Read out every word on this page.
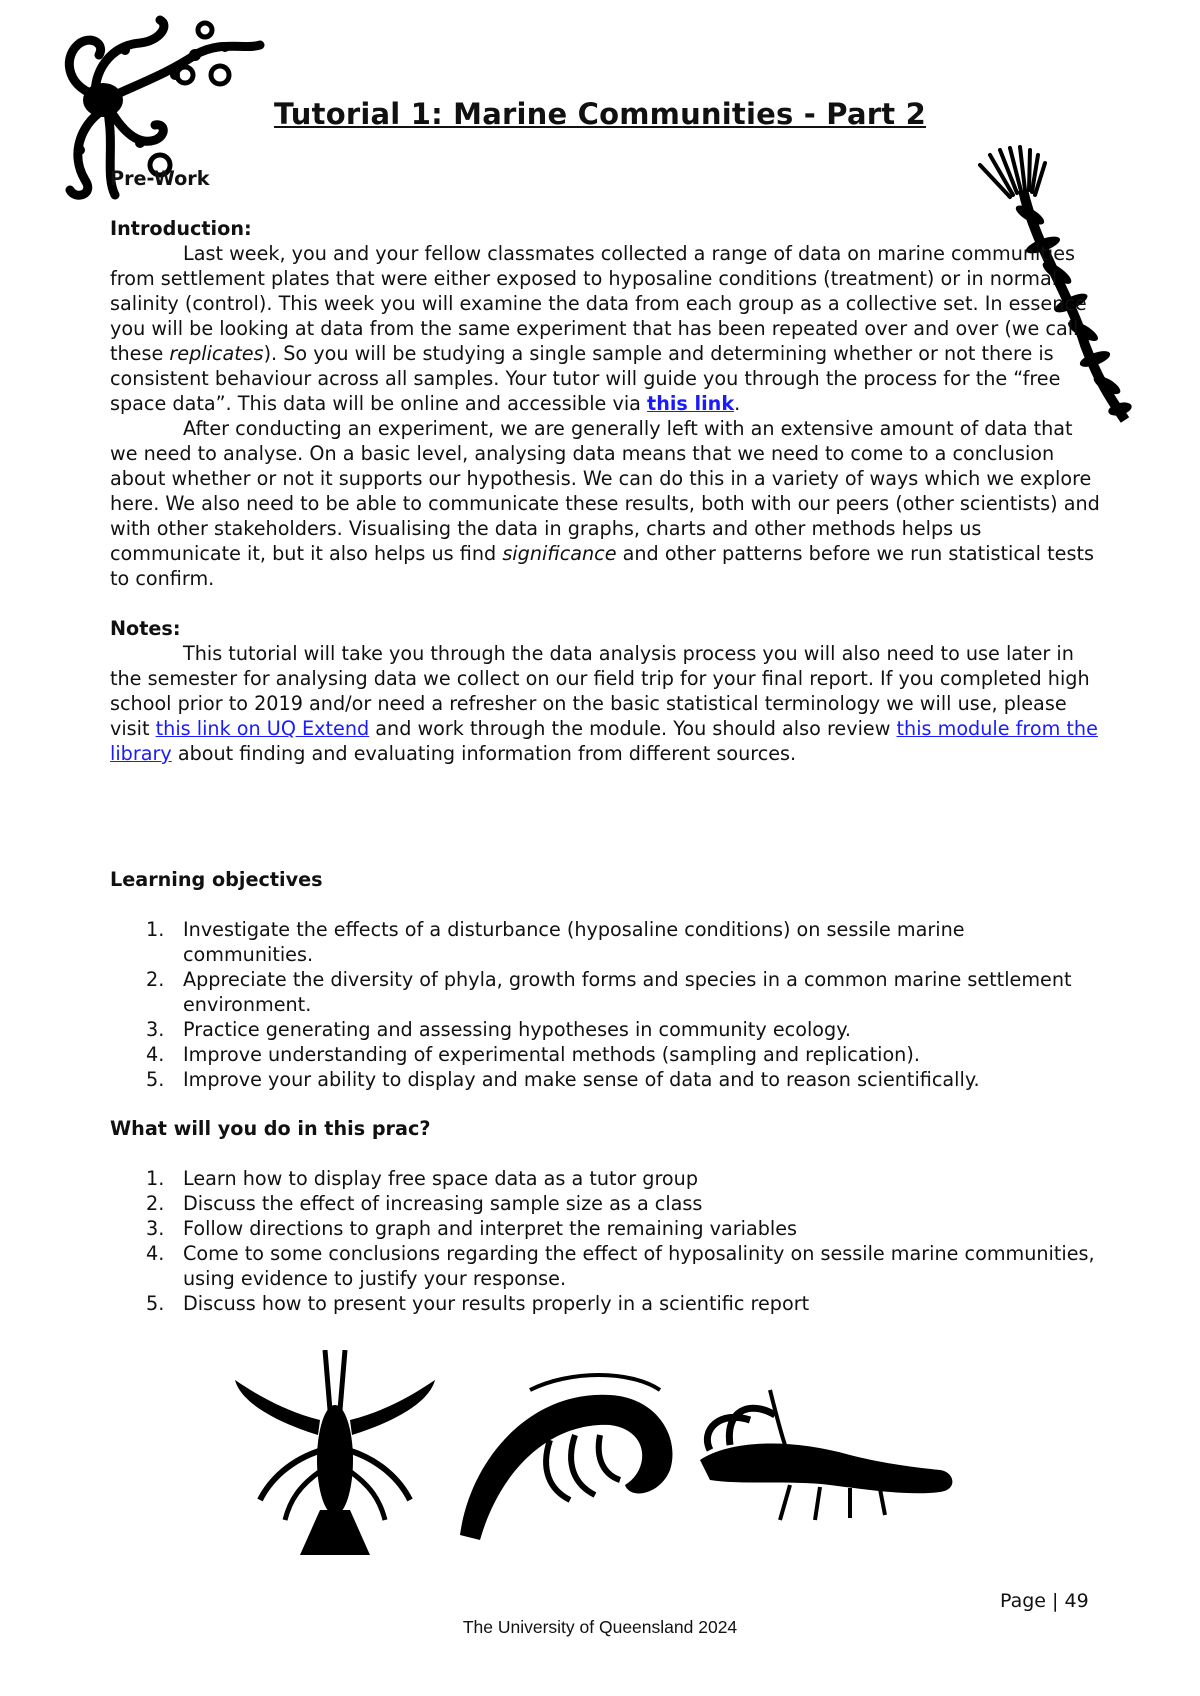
Tutorial 1: Marine Communities - Part 2

Pre-Work

Introduction:

Last week, you and your fellow classmates collected a range of data on marine communities from settlement plates that were either exposed to hyposaline conditions (treatment) or in normal salinity (control). This week you will examine the data from each group as a collective set. In essence you will be looking at data from the same experiment that has been repeated over and over (we call these replicates). So you will be studying a single sample and determining whether or not there is consistent behaviour across all samples. Your tutor will guide you through the process for the “free space data”. This data will be online and accessible via this link.

After conducting an experiment, we are generally left with an extensive amount of data that we need to analyse. On a basic level, analysing data means that we need to come to a conclusion about whether or not it supports our hypothesis. We can do this in a variety of ways which we explore here. We also need to be able to communicate these results, both with our peers (other scientists) and with other stakeholders. Visualising the data in graphs, charts and other methods helps us communicate it, but it also helps us find significance and other patterns before we run statistical tests to confirm.

Notes:

This tutorial will take you through the data analysis process you will also need to use later in the semester for analysing data we collect on our field trip for your final report. If you completed high school prior to 2019 and/or need a refresher on the basic statistical terminology we will use, please visit this link on UQ Extend and work through the module. You should also review this module from the library about finding and evaluating information from different sources.

Learning objectives

1. Investigate the effects of a disturbance (hyposaline conditions) on sessile marine communities.
2. Appreciate the diversity of phyla, growth forms and species in a common marine settlement environment.
3. Practice generating and assessing hypotheses in community ecology.
4. Improve understanding of experimental methods (sampling and replication).
5. Improve your ability to display and make sense of data and to reason scientifically.

What will you do in this prac?

1. Learn how to display free space data as a tutor group
2. Discuss the effect of increasing sample size as a class
3. Follow directions to graph and interpret the remaining variables
4. Come to some conclusions regarding the effect of hyposalinity on sessile marine communities, using evidence to justify your response.
5. Discuss how to present your results properly in a scientific report
Page | 49
The University of Queensland 2024
